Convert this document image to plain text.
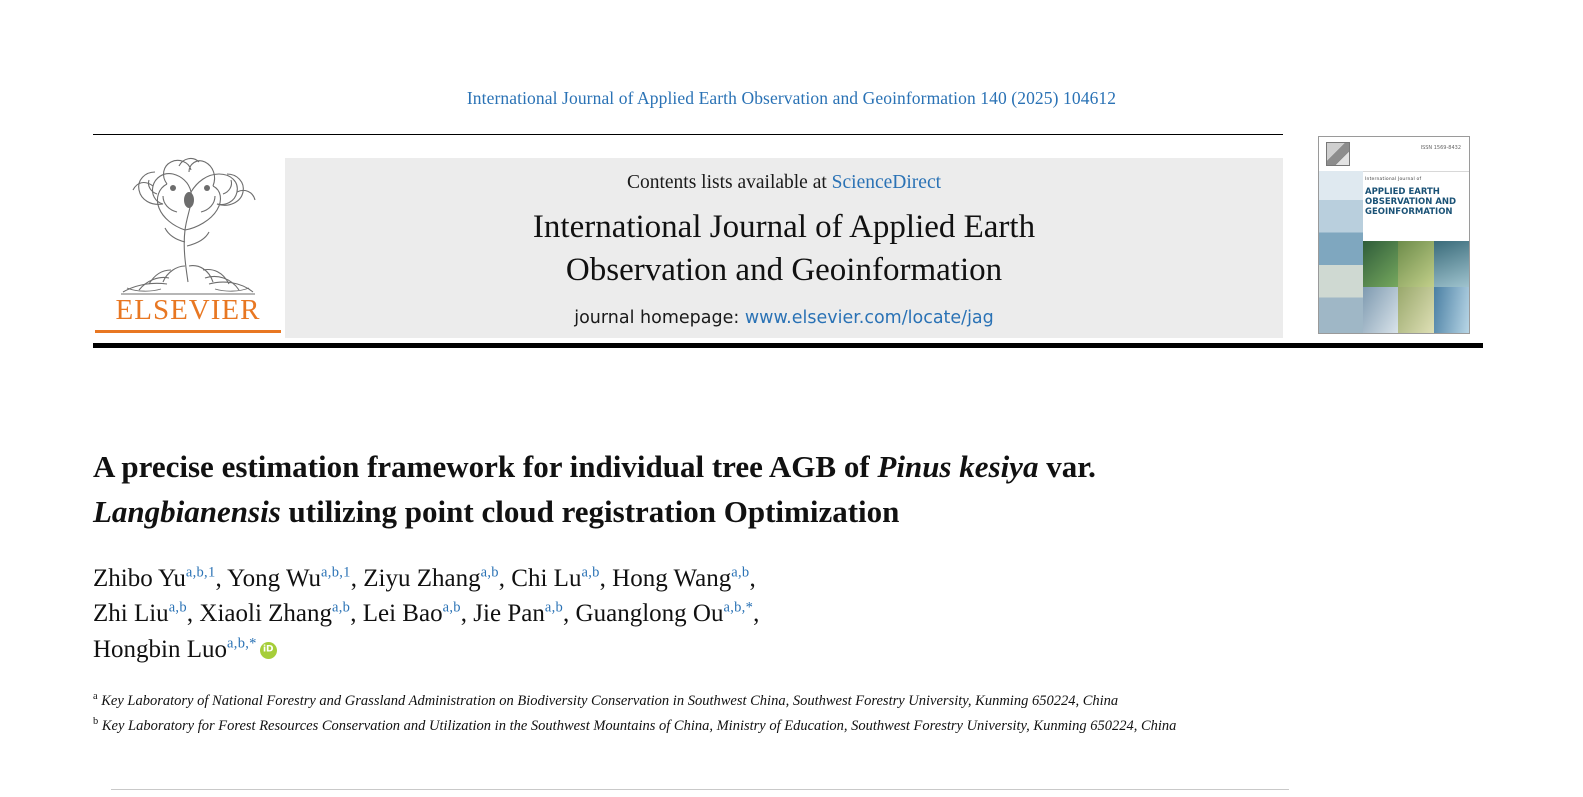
International Journal of Applied Earth Observation and Geoinformation 140 (2025) 104612
ELSEVIER
Contents lists available at ScienceDirect
International Journal of Applied Earth
Observation and Geoinformation
journal homepage: www.elsevier.com/locate/jag
ISSN 1569-8432
International Journal of
APPLIED EARTH
OBSERVATION AND
GEOINFORMATION
A precise estimation framework for individual tree AGB of Pinus kesiya var. Langbianensis utilizing point cloud registration Optimization
Zhibo Yu$^{a,b,1}$, Yong Wu$^{a,b,1}$, Ziyu Zhang$^{a,b}$, Chi Lu$^{a,b}$, Hong Wang$^{a,b}$,
Zhi Liu$^{a,b}$, Xiaoli Zhang$^{a,b}$, Lei Bao$^{a,b}$, Jie Pan$^{a,b}$, Guanglong $Ou^{a,b,*}$,
Hongbin Luo$^{a,b,*}$iD

$^a$ Key Laboratory of National Forestry and Grassland Administration on Biodiversity Conservation in Southwest China, Southwest Forestry University, Kunming 650224, China

$^b$ Key Laboratory for Forest Resources Conservation and Utilization in the Southwest Mountains of China, Ministry of Education, Southwest Forestry University, Kunming 650224, China
